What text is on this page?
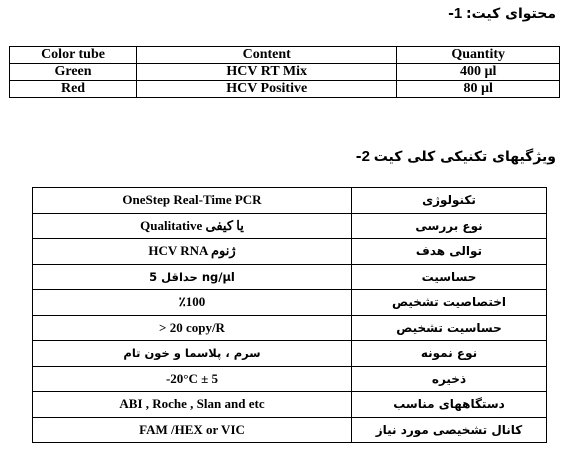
-محتوای کیت: 1
Color tube	Content	Quantity
Green	HCV RT Mix	400 µl
Red	HCV Positive	80 µl
-ویژگیهای تکنیکی کلی کیت 2
OneStep Real-Time PCR	تکنولوژی
Qualitative یا کیفی	نوع بررسی
HCV RNA ژنوم	توالی هدف
حداقل 5 ng/µl	حساسیت
٪100	اختصاصیت تشخیص
> 20 copy/R	حساسیت تشخیص
سرم ، پلاسما و خون تام	نوع نمونه
-20°C ± 5	ذخیره
ABI , Roche , Slan and etc	دستگاههای مناسب
FAM /HEX or VIC	کانال تشخیصی مورد نیاز
